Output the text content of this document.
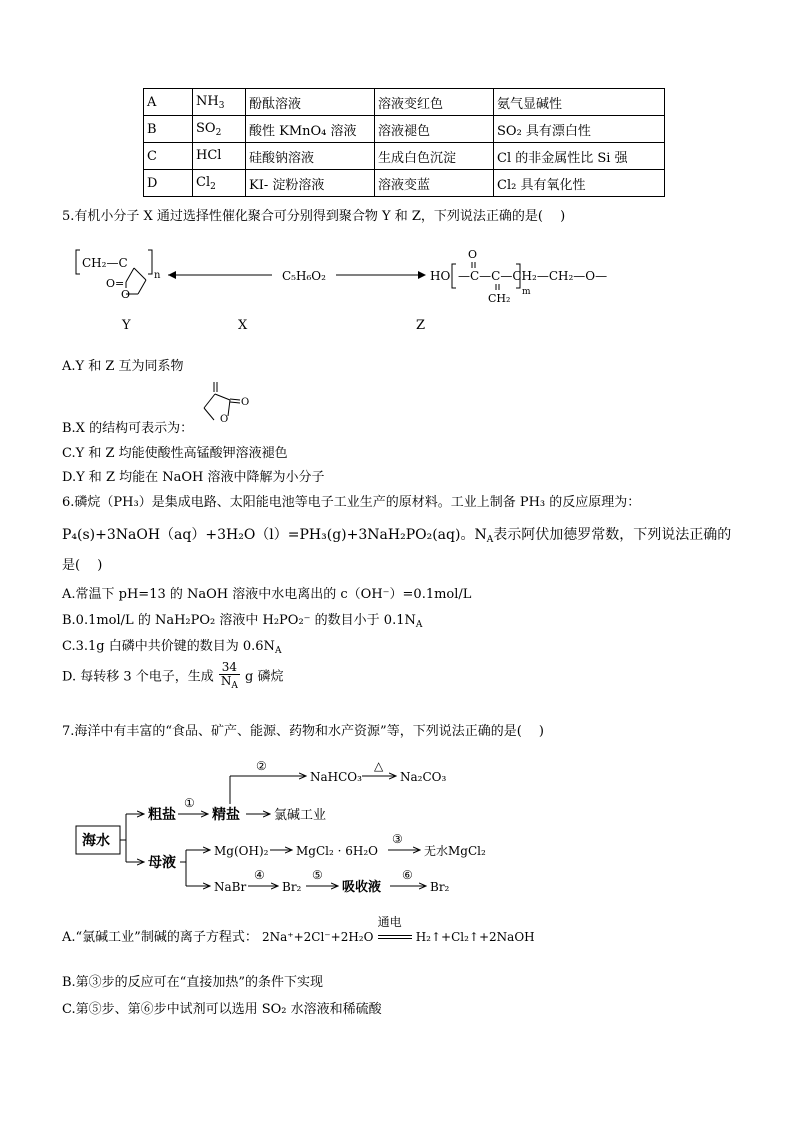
A	$NH_3$	酚酞溶液	溶液变红色	氨气显碱性
B	$SO_2$	酸性 KMnO₄ 溶液	溶液褪色	SO₂ 具有漂白性
C	HCl	硅酸钠溶液	生成白色沉淀	Cl 的非金属性比 Si 强
D	$Cl_2$	KI- 淀粉溶液	溶液变蓝	Cl₂ 具有氧化性
5.有机小分子 X 通过选择性催化聚合可分别得到聚合物 Y 和 Z，下列说法正确的是(　 )
CH₂—C
n
O=
O
C₅H₆O₂	HO —C—C—CH₂—CH₂—O—
m
O
CH₂
Y	X	Z
A.Y 和 Z 互为同系物
B.X 的结构可表示为：
O
O
C.Y 和 Z 均能使酸性高锰酸钾溶液褪色
D.Y 和 Z 均能在 NaOH 溶液中降解为小分子
6.磷烷（PH₃）是集成电路、太阳能电池等电子工业生产的原材料。工业上制备 PH₃ 的反应原理为：
P₄(s)+3NaOH（aq）+3H₂O（l）=PH₃(g)+3NaH₂PO₂(aq)。$N_A$表示阿伏加德罗常数，下列说法正确的
是(　 )
A.常温下 pH=13 的 NaOH 溶液中水电离出的 c（OH⁻）=0.1mol/L
B.0.1mol/L 的 NaH₂PO₂ 溶液中 H₂PO₂⁻ 的数目小于 $0.1N_A$
C.3.1g 白磷中共价键的数目为 $0.6N_A$
D. 每转移 3 个电子，生成 $\frac{34}{N_A}$ g 磷烷
7.海洋中有丰富的“食品、矿产、能源、药物和水产资源”等，下列说法正确的是(　 )
海水
粗盐
①
精盐
②
NaHCO₃
△
Na₂CO₃
氯碱工业
母液
Mg(OH)₂ MgCl₂ · 6H₂O
③
无水MgCl₂
NaBr
④
Br₂
⑤
吸收液
⑥
Br₂
A.“氯碱工业”制碱的离子方程式： 2Na⁺+2Cl⁻+2H₂O
通电
H₂↑+Cl₂↑+2NaOH
B.第③步的反应可在“直接加热”的条件下实现
C.第⑤步、第⑥步中试剂可以选用 SO₂ 水溶液和稀硫酸
